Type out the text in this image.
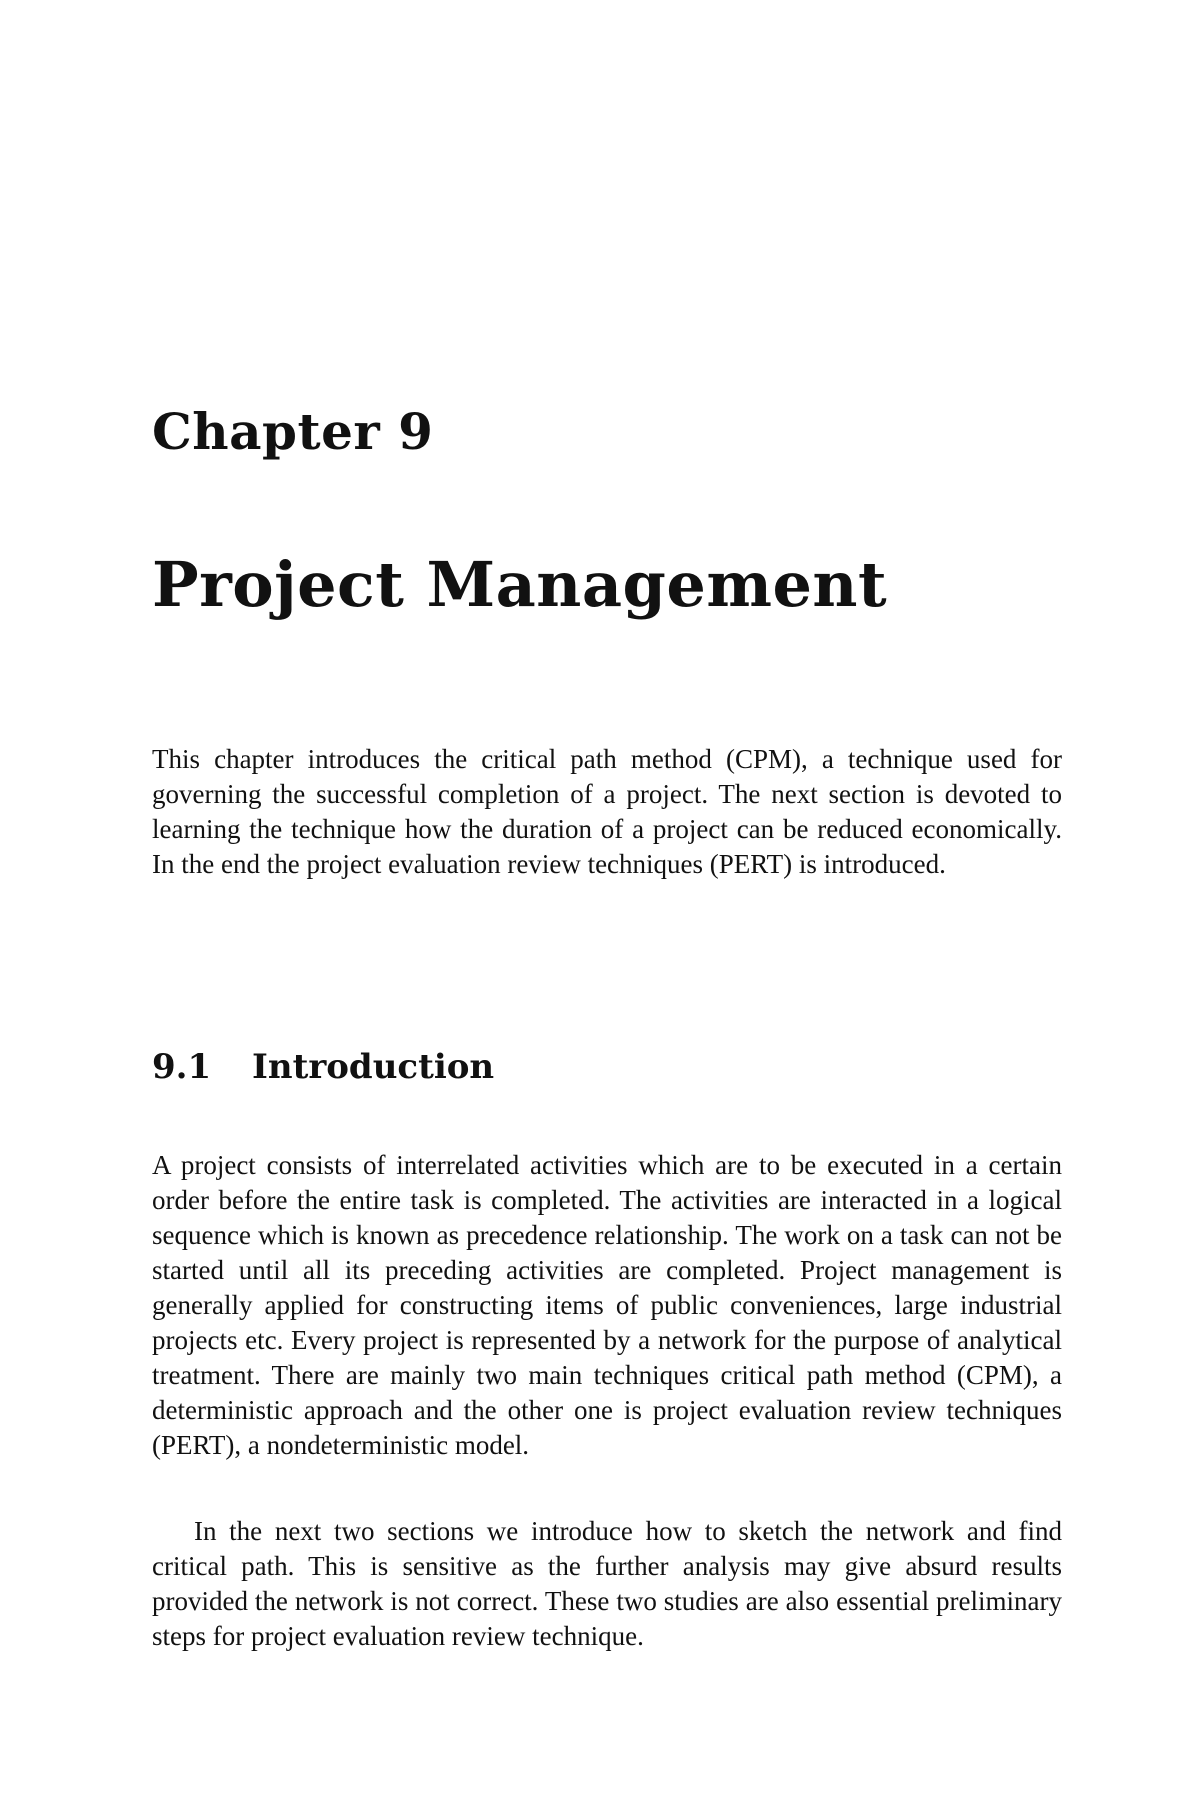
Chapter 9
Project Management

This chapter introduces the critical path method (CPM), a technique used for governing the successful completion of a project. The next section is devoted to learning the technique how the duration of a project can be reduced economically. In the end the project evaluation review techniques (PERT) is introduced.

9.1 Introduction

A project consists of interrelated activities which are to be executed in a certain order before the entire task is completed. The activities are interacted in a logical sequence which is known as precedence relationship. The work on a task can not be started until all its preceding activities are completed. Project management is generally applied for constructing items of public conveniences, large industrial projects etc. Every project is represented by a network for the purpose of analytical treatment. There are mainly two main techniques critical path method (CPM), a deterministic approach and the other one is project evaluation review techniques (PERT), a nondeterministic model.

In the next two sections we introduce how to sketch the network and find critical path. This is sensitive as the further analysis may give absurd results provided the network is not correct. These two studies are also essential preliminary steps for project evaluation review technique.
